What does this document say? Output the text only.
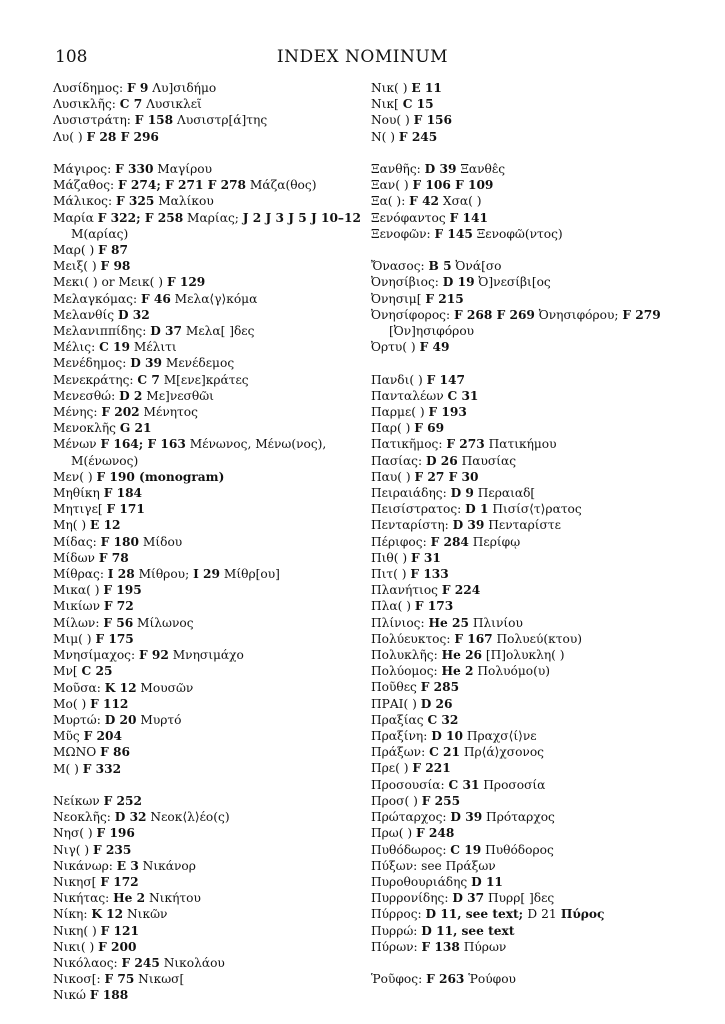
108	INDEX NOMINUM
Λυσίδημος: F 9 Λυ]σιδήμο
Λυσικλῆς: C 7 Λυσικλεῖ
Λυσιστράτη: F 158 Λυσιστρ[ά]της
Λυ( ) F 28 F 296
Μάγιρος: F 330 Μαγίρου
Μάζαθος: F 274; F 271 F 278 Μάζα(θος)
Μάλικος: F 325 Μαλίκου
Μαρία F 322; F 258 Μαρίας; J 2 J 3 J 5 J 10–12
Μ(αρίας)
Μαρ( ) F 87
Μειξ( ) F 98
Μεκι( ) or Μεικ( ) F 129
Μελαγκόμας: F 46 Μελα⟨γ⟩κόμα
Μελανθίς D 32
Μελανιππίδης: D 37 Μελα[ ]δες
Μέλις: C 19 Μέλιτι
Μενέδημος: D 39 Μενέδεμος
Μενεκράτης: C 7 Μ[ενε]κράτες
Μενεσθώ: D 2 Με]νεσθῶι
Μένης: F 202 Μένητος
Μενοκλῆς G 21
Μένων F 164; F 163 Μένωνος, Μένω(νος),
Μ(ένωνος)
Μεν( ) F 190 (monogram)
Μηθίκη F 184
Μητιγε[ F 171
Μη( ) E 12
Μίδας: F 180 Μίδου
Μίδων F 78
Μίθρας: I 28 Μίθρου; I 29 Μίθρ[ου]
Μικα( ) F 195
Μικίων F 72
Μίλων: F 56 Μίλωνος
Μιμ( ) F 175
Μνησίμαχος: F 92 Μνησιμάχο
Μν[ C 25
Μοῦσα: K 12 Μουσῶν
Μο( ) F 112
Μυρτώ: D 20 Μυρτό
Μῦς F 204
ΜΩΝΟ F 86
Μ( ) F 332
Νείκων F 252
Νεοκλῆς: D 32 Νεοκ⟨λ⟩έο(ς)
Νησ( ) F 196
Νιγ( ) F 235
Νικάνωρ: E 3 Νικάνορ
Νικησ[ F 172
Νικήτας: He 2 Νικήτου
Νίκη: K 12 Νικῶν
Νικη( ) F 121
Νικι( ) F 200
Νικόλαος: F 245 Νικολάου
Νικοσ[: F 75 Νικωσ[
Νικώ F 188
Νικ( ) E 11
Νικ[ C 15
Νου( ) F 156
Ν( ) F 245
Ξανθῆς: D 39 Ξανθε̂ς
Ξαν( ) F 106 F 109
Ξα( ): F 42 Χσα( )
Ξενόφαντος F 141
Ξενοφῶν: F 145 Ξενοφῶ(ντος)
Ὄνασος: B 5 Ὀνά[σο
Ὀνησίβιος: D 19 Ὀ]νεσίβι[ος
Ὀνησιμ[ F 215
Ὀνησίφορος: F 268 F 269 Ὀνησιφόρου; F 279
[Ὀν]ησιφόρου
Ὀρτυ( ) F 49
Πανδι( ) F 147
Πανταλέων C 31
Παρμε( ) F 193
Παρ( ) F 69
Πατικῆμος: F 273 Πατικήμου
Πασίας: D 26 Παυσίας
Παυ( ) F 27 F 30
Πειραιάδης: D 9 Περαιαδ[
Πεισίστρατος: D 1 Πισίσ⟨τ⟩ρατος
Πενταρίστη: D 39 Πενταρίστε
Πέριφος: F 284 Περίφῳ
Πιθ( ) F 31
Πιτ( ) F 133
Πλανήτιος F 224
Πλα( ) F 173
Πλίνιος: He 25 Πλινίου
Πολύευκτος: F 167 Πολυεύ(κτου)
Πολυκλῆς: He 26 [Π]ολυκλη( )
Πολύομος: He 2 Πολυόμο(υ)
Ποῦθες F 285
ΠΡΑΙ( ) D 26
Πραξίας C 32
Πραξίνη: D 10 Πραχσ⟨ί⟩νε
Πράξων: C 21 Πρ⟨ά⟩χσονος
Πρε( ) F 221
Προσουσία: C 31 Προσοσία
Προσ( ) F 255
Πρώταρχος: D 39 Πρόταρχος
Πρω( ) F 248
Πυθόδωρος: C 19 Πυθόδορος
Πύξων: see Πράξων
Πυροθουριάδης D 11
Πυρρονίδης: D 37 Πυρρ[ ]δες
Πύρρος: D 11, see text; D 21 Πύρος
Πυρρώ: D 11, see text
Πύρων: F 138 Πύρων
Ῥοῦφος: F 263 Ῥούφου
